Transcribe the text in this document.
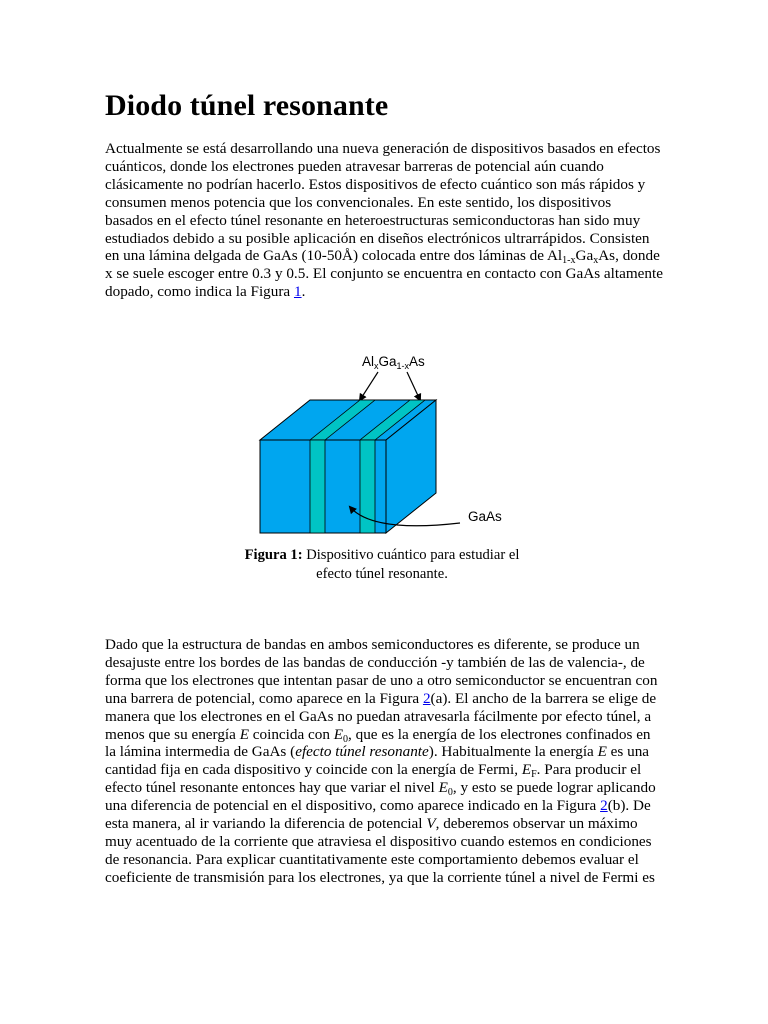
Diodo túnel resonante

Actualmente se está desarrollando una nueva generación de dispositivos basados en efectos cuánticos, donde los electrones pueden atravesar barreras de potencial aún cuando clásicamente no podrían hacerlo. Estos dispositivos de efecto cuántico son más rápidos y consumen menos potencia que los convencionales. En este sentido, los dispositivos basados en el efecto túnel resonante en heteroestructuras semiconductoras han sido muy estudiados debido a su posible aplicación en diseños electrónicos ultrarrápidos. Consisten en una lámina delgada de GaAs (10-50Å) colocada entre dos láminas de $Al_{1-x}Ga_xAs$, donde x se suele escoger entre 0.3 y 0.5. El conjunto se encuentra en contacto con GaAs altamente dopado, como indica la Figura 1.

$Al_xGa_{1-x}As$
GaAs

Figura 1: Dispositivo cuántico para estudiar el efecto túnel resonante.

Dado que la estructura de bandas en ambos semiconductores es diferente, se produce un desajuste entre los bordes de las bandas de conducción -y también de las de valencia-, de forma que los electrones que intentan pasar de uno a otro semiconductor se encuentran con una barrera de potencial, como aparece en la Figura 2(a). El ancho de la barrera se elige de manera que los electrones en el GaAs no puedan atravesarla fácilmente por efecto túnel, a menos que su energía E coincida con $E_0$, que es la energía de los electrones confinados en la lámina intermedia de GaAs (efecto túnel resonante). Habitualmente la energía E es una cantidad fija en cada dispositivo y coincide con la energía de Fermi, $E_F$. Para producir el efecto túnel resonante entonces hay que variar el nivel $E_0$, y esto se puede lograr aplicando una diferencia de potencial en el dispositivo, como aparece indicado en la Figura 2(b). De esta manera, al ir variando la diferencia de potencial V, deberemos observar un máximo muy acentuado de la corriente que atraviesa el dispositivo cuando estemos en condiciones de resonancia. Para explicar cuantitativamente este comportamiento debemos evaluar el coeficiente de transmisión para los electrones, ya que la corriente túnel a nivel de Fermi es
